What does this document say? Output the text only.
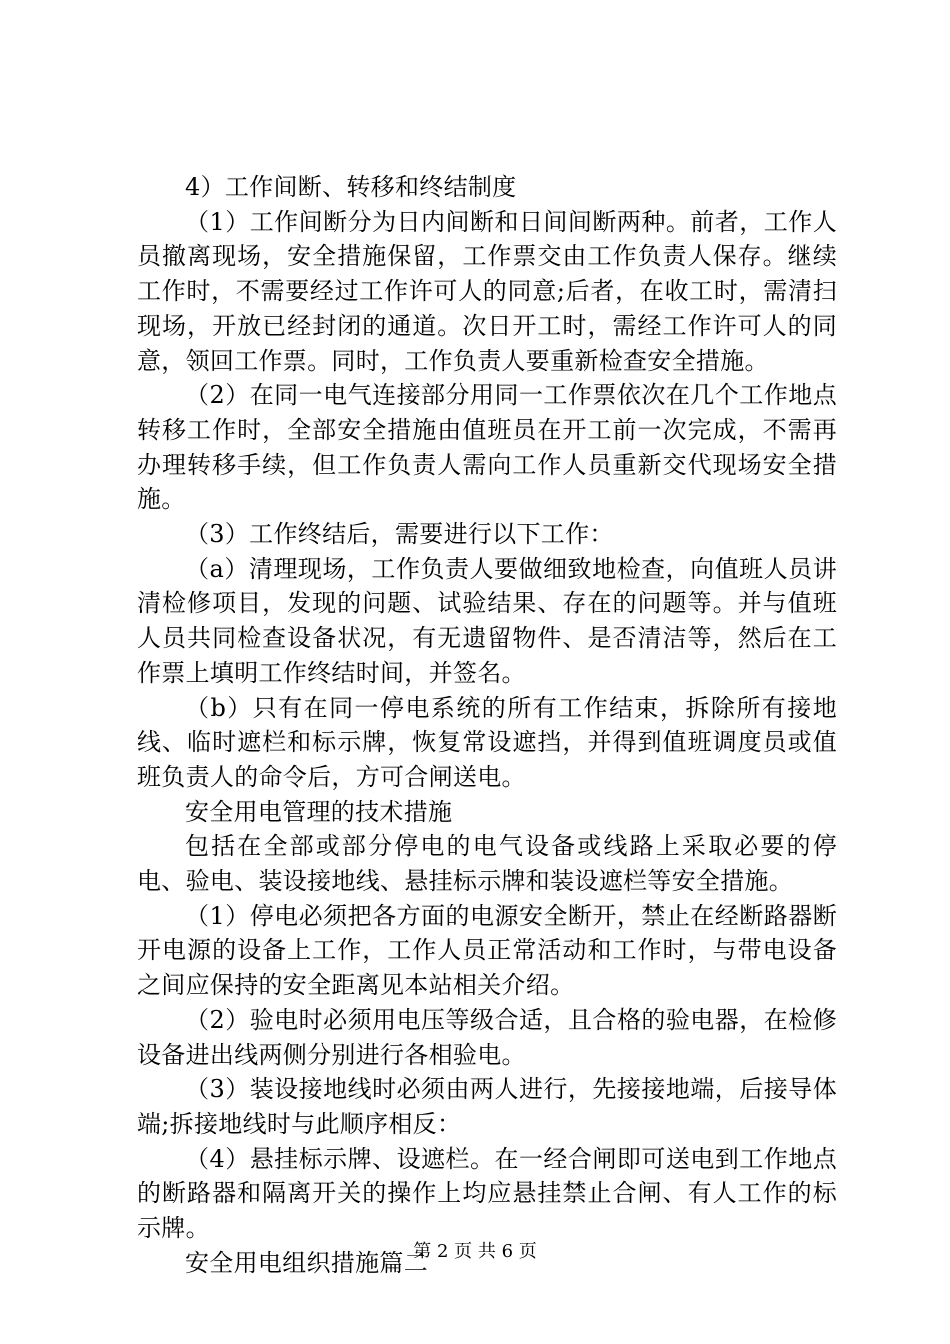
4）工作间断、转移和终结制度

（1）工作间断分为日内间断和日间间断两种。前者，工作人员撤离现场，安全措施保留，工作票交由工作负责人保存。继续工作时，不需要经过工作许可人的同意;后者，在收工时，需清扫现场，开放已经封闭的通道。次日开工时，需经工作许可人的同意，领回工作票。同时，工作负责人要重新检查安全措施。

（2）在同一电气连接部分用同一工作票依次在几个工作地点转移工作时，全部安全措施由值班员在开工前一次完成，不需再办理转移手续，但工作负责人需向工作人员重新交代现场安全措施。

（3）工作终结后，需要进行以下工作：

（a）清理现场，工作负责人要做细致地检查，向值班人员讲清检修项目，发现的问题、试验结果、存在的问题等。并与值班人员共同检查设备状况，有无遗留物件、是否清洁等，然后在工作票上填明工作终结时间，并签名。

（b）只有在同一停电系统的所有工作结束，拆除所有接地线、临时遮栏和标示牌，恢复常设遮挡，并得到值班调度员或值班负责人的命令后，方可合闸送电。

安全用电管理的技术措施

包括在全部或部分停电的电气设备或线路上采取必要的停电、验电、装设接地线、悬挂标示牌和装设遮栏等安全措施。

（1）停电必须把各方面的电源安全断开，禁止在经断路器断开电源的设备上工作，工作人员正常活动和工作时，与带电设备之间应保持的安全距离见本站相关介绍。

（2）验电时必须用电压等级合适，且合格的验电器，在检修设备进出线两侧分别进行各相验电。

（3）装设接地线时必须由两人进行，先接接地端，后接导体端;拆接地线时与此顺序相反：

（4）悬挂标示牌、设遮栏。在一经合闸即可送电到工作地点的断路器和隔离开关的操作上均应悬挂禁止合闸、有人工作的标示牌。

安全用电组织措施篇二

第 2 页 共 6 页
